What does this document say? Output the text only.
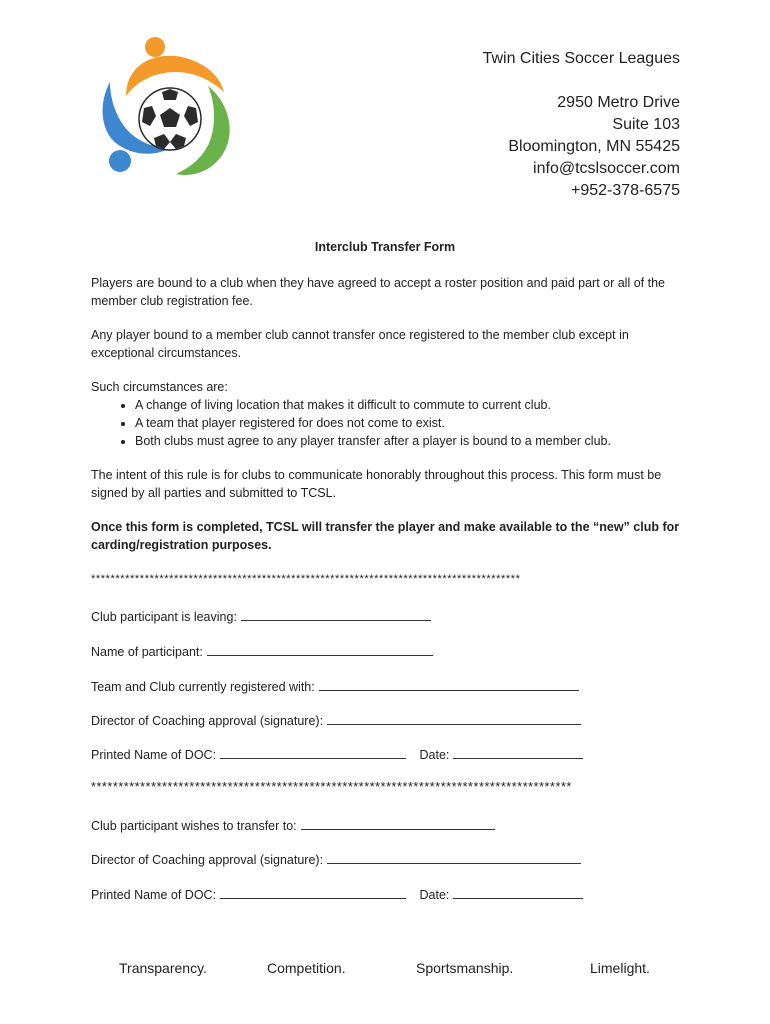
Twin Cities Soccer Leagues
2950 Metro Drive
Suite 103
Bloomington, MN 55425
info@tcslsoccer.com
+952-378-6575
Interclub Transfer Form

Players are bound to a club when they have agreed to accept a roster position and paid part or all of the member club registration fee.

Any player bound to a member club cannot transfer once registered to the member club except in exceptional circumstances.

Such circumstances are:
• A change of living location that makes it difficult to commute to current club.
• A team that player registered for does not come to exist.
• Both clubs must agree to any player transfer after a player is bound to a member club.

The intent of this rule is for clubs to communicate honorably throughout this process. This form must be signed by all parties and submitted to TCSL.

Once this form is completed, TCSL will transfer the player and make available to the “new” club for carding/registration purposes.

****************************************************************************************
Club participant is leaving:
Name of participant:
Team and Club currently registered with:
Director of Coaching approval (signature):
Printed Name of DOC:	Date:
****************************************************************************************
Club participant wishes to transfer to:
Director of Coaching approval (signature):
Printed Name of DOC:	Date:
Transparency.	Competition.	Sportsmanship.	Limelight.
